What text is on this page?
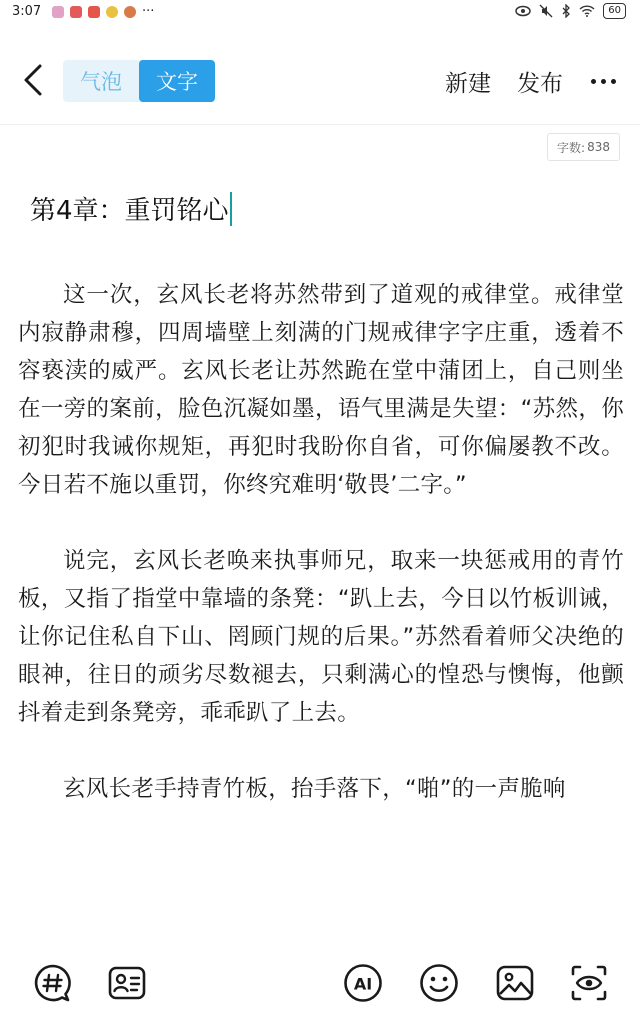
3:07	···	60
气泡	文字	新建 发布
字数: 838
第4章：重罚铭心

这一次，玄风长老将苏然带到了道观的戒律堂。戒律堂内寂静肃穆，四周墙壁上刻满的门规戒律字字庄重，透着不容亵渎的威严。玄风长老让苏然跪在堂中蒲团上，自己则坐在一旁的案前，脸色沉凝如墨，语气里满是失望：“苏然，你初犯时我诫你规矩，再犯时我盼你自省，可你偏屡教不改。今日若不施以重罚，你终究难明‘敬畏’二字。”

说完，玄风长老唤来执事师兄，取来一块惩戒用的青竹板，又指了指堂中靠墙的条凳：“趴上去，今日以竹板训诫，让你记住私自下山、罔顾门规的后果。”苏然看着师父决绝的眼神，往日的顽劣尽数褪去，只剩满心的惶恐与懊悔，他颤抖着走到条凳旁，乖乖趴了上去。

玄风长老手持青竹板，抬手落下，“啪”的一声脆响

AI
